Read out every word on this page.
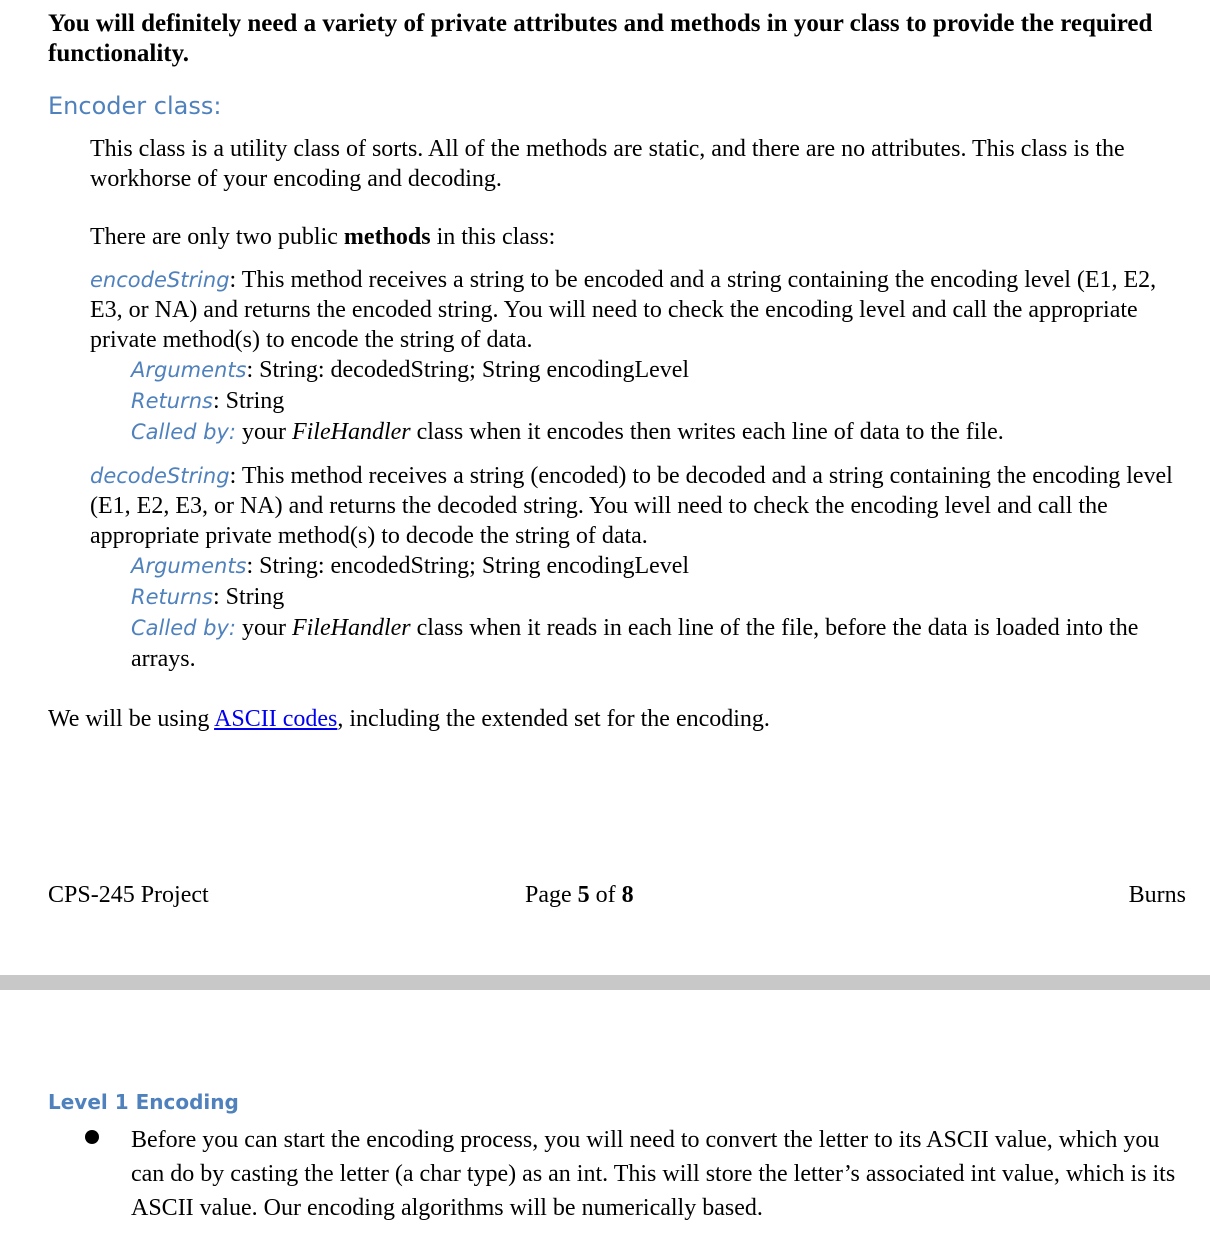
You will definitely need a variety of private attributes and methods in your class to provide the required functionality.
Encoder class:
This class is a utility class of sorts. All of the methods are static, and there are no attributes. This class is the workhorse of your encoding and decoding.
There are only two public methods in this class:
encodeString: This method receives a string to be encoded and a string containing the encoding level (E1, E2, E3, or NA) and returns the encoded string. You will need to check the encoding level and call the appropriate private method(s) to encode the string of data.
Arguments: String: decodedString; String encodingLevel
Returns: String
Called by: your FileHandler class when it encodes then writes each line of data to the file.
decodeString: This method receives a string (encoded) to be decoded and a string containing the encoding level (E1, E2, E3, or NA) and returns the decoded string. You will need to check the encoding level and call the appropriate private method(s) to decode the string of data.
Arguments: String: encodedString; String encodingLevel
Returns: String
Called by: your FileHandler class when it reads in each line of the file, before the data is loaded into the arrays.
We will be using ASCII codes, including the extended set for the encoding.
CPS-245 Project	Page 5 of 8	Burns
Level 1 Encoding
Before you can start the encoding process, you will need to convert the letter to its ASCII value, which you can do by casting the letter (a char type) as an int. This will store the letter’s associated int value, which is its ASCII value. Our encoding algorithms will be numerically based.
